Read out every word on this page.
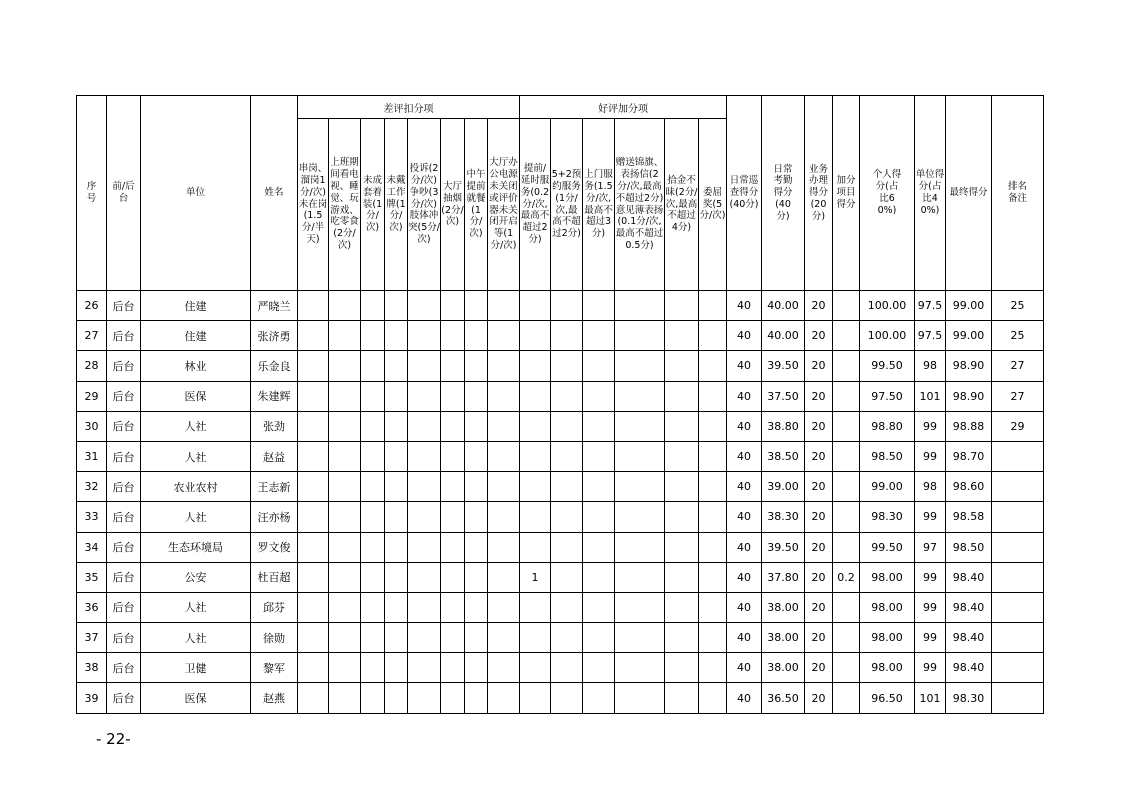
序号	前/后台	单位	姓名	差评扣分项								好评加分项						日常巡查得分(40分)	日常考勤得分(40分)	业务办理得分(20分)	加分项目得分	个人得分(占比60%)	单位得分(占比40%)	最终得分	排名备注
				串岗、溜岗1分/次)未在岗(1.5分/半天)	上班期间看电视、睡觉、玩游戏、吃零食(2分/次)	未成套着装(1分/次)	未戴工作牌(1分/次)	投诉(2分/次)争吵(3分/次)肢体冲突(5分/次)	大厅抽烟(2分/次)	中午提前就餐(1分/次)	大厅办公电源未关闭或评价器未关闭开启等(1分/次)	提前/延时服务(0.2分/次,最高不超过2分)	5+2预约服务(1分/次,最高不超过2分)	上门服务(1.5分/次,最高不超过3分)	赠送锦旗、表扬信(2分/次,最高不超过2分)意见薄表扬(0.1分/次,最高不超过0.5分)	拾金不昧(2分/次,最高不超过4分)	委屈奖(5分/次)								
26	后台	住建	严晓兰															40	40.00	20		100.00	97.5	99.00	25
27	后台	住建	张济勇															40	40.00	20		100.00	97.5	99.00	25
28	后台	林业	乐金良															40	39.50	20		99.50	98	98.90	27
29	后台	医保	朱建辉															40	37.50	20		97.50	101	98.90	27
30	后台	人社	张劲															40	38.80	20		98.80	99	98.88	29
31	后台	人社	赵益															40	38.50	20		98.50	99	98.70	
32	后台	农业农村	王志新															40	39.00	20		99.00	98	98.60	
33	后台	人社	汪亦杨															40	38.30	20		98.30	99	98.58	
34	后台	生态环境局	罗文俊															40	39.50	20		99.50	97	98.50	
35	后台	公安	杜百超									1						40	37.80	20	0.2	98.00	99	98.40	
36	后台	人社	邱芬															40	38.00	20		98.00	99	98.40	
37	后台	人社	徐勋															40	38.00	20		98.00	99	98.40	
38	后台	卫健	黎军															40	38.00	20		98.00	99	98.40	
39	后台	医保	赵燕															40	36.50	20		96.50	101	98.30	
- 22-
